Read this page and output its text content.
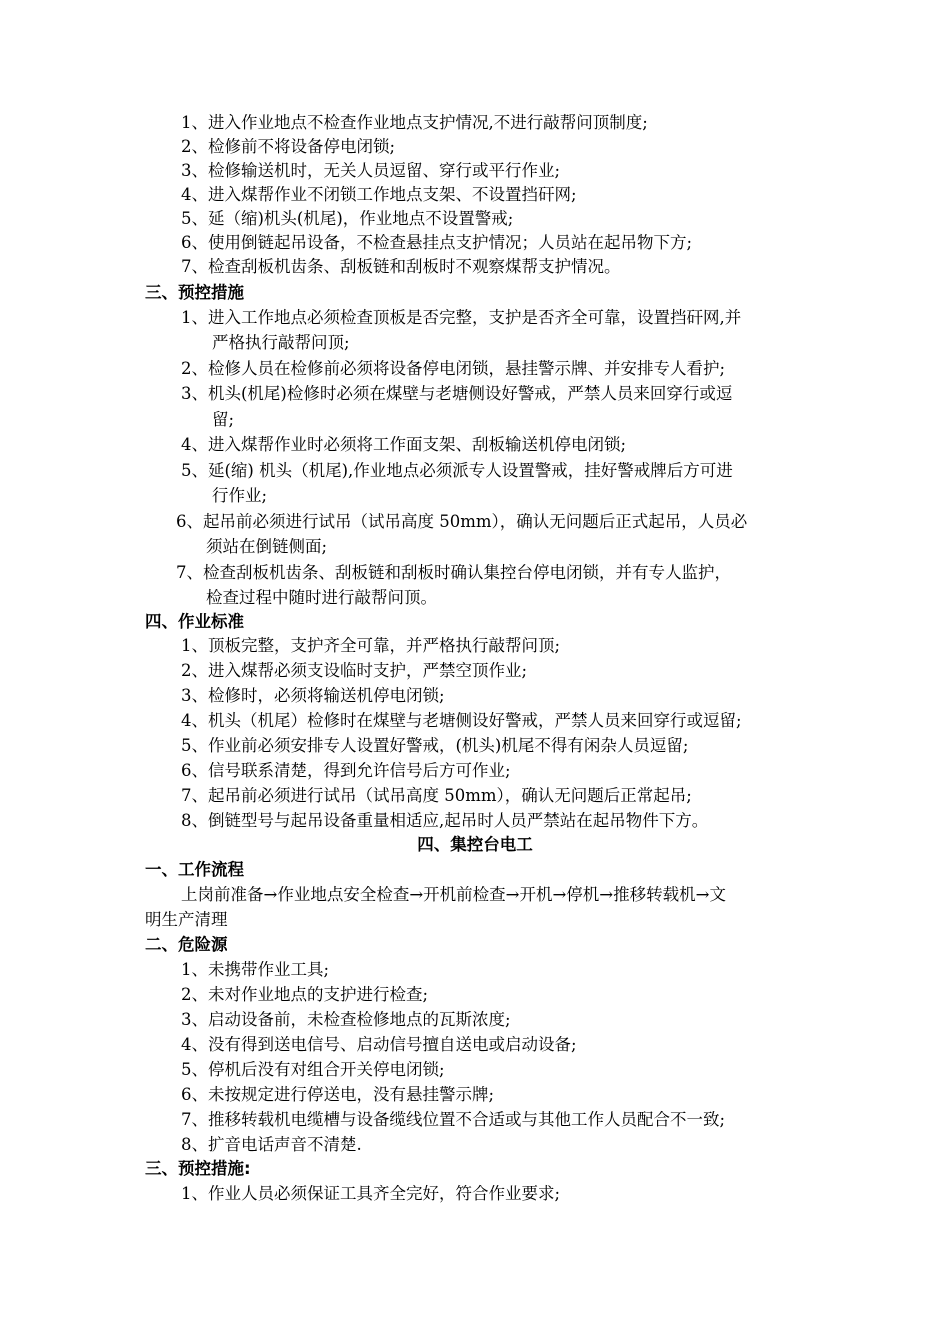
1、进入作业地点不检查作业地点支护情况,不进行敲帮问顶制度;
2、检修前不将设备停电闭锁;
3、检修输送机时，无关人员逗留、穿行或平行作业;
4、进入煤帮作业不闭锁工作地点支架、不设置挡矸网;
5、延（缩)机头(机尾)，作业地点不设置警戒;
6、使用倒链起吊设备，不检查悬挂点支护情况；人员站在起吊物下方;
7、检查刮板机齿条、刮板链和刮板时不观察煤帮支护情况。
三、预控措施
1、进入工作地点必须检查顶板是否完整，支护是否齐全可靠，设置挡矸网,并
严格执行敲帮问顶;
2、检修人员在检修前必须将设备停电闭锁，悬挂警示牌、并安排专人看护;
3、机头(机尾)检修时必须在煤壁与老塘侧设好警戒，严禁人员来回穿行或逗
留;
4、进入煤帮作业时必须将工作面支架、刮板输送机停电闭锁;
5、延(缩) 机头（机尾),作业地点必须派专人设置警戒，挂好警戒牌后方可进
行作业;
6、起吊前必须进行试吊（试吊高度 50mm），确认无问题后正式起吊，人员必
须站在倒链侧面;
7、检查刮板机齿条、刮板链和刮板时确认集控台停电闭锁，并有专人监护，
检查过程中随时进行敲帮问顶。
四、作业标准
1、顶板完整，支护齐全可靠，并严格执行敲帮问顶;
2、进入煤帮必须支设临时支护，严禁空顶作业;
3、检修时，必须将输送机停电闭锁;
4、机头（机尾）检修时在煤壁与老塘侧设好警戒，严禁人员来回穿行或逗留;
5、作业前必须安排专人设置好警戒，(机头)机尾不得有闲杂人员逗留;
6、信号联系清楚，得到允许信号后方可作业;
7、起吊前必须进行试吊（试吊高度 50mm），确认无问题后正常起吊;
8、倒链型号与起吊设备重量相适应,起吊时人员严禁站在起吊物件下方。
四、集控台电工
一、工作流程
上岗前准备→作业地点安全检查→开机前检查→开机→停机→推移转载机→文
明生产清理
二、危险源
1、未携带作业工具;
2、未对作业地点的支护进行检查;
3、启动设备前，未检查检修地点的瓦斯浓度;
4、没有得到送电信号、启动信号擅自送电或启动设备;
5、停机后没有对组合开关停电闭锁;
6、未按规定进行停送电，没有悬挂警示牌;
7、推移转载机电缆槽与设备缆线位置不合适或与其他工作人员配合不一致;
8、扩音电话声音不清楚.
三、预控措施:
1、作业人员必须保证工具齐全完好，符合作业要求;
